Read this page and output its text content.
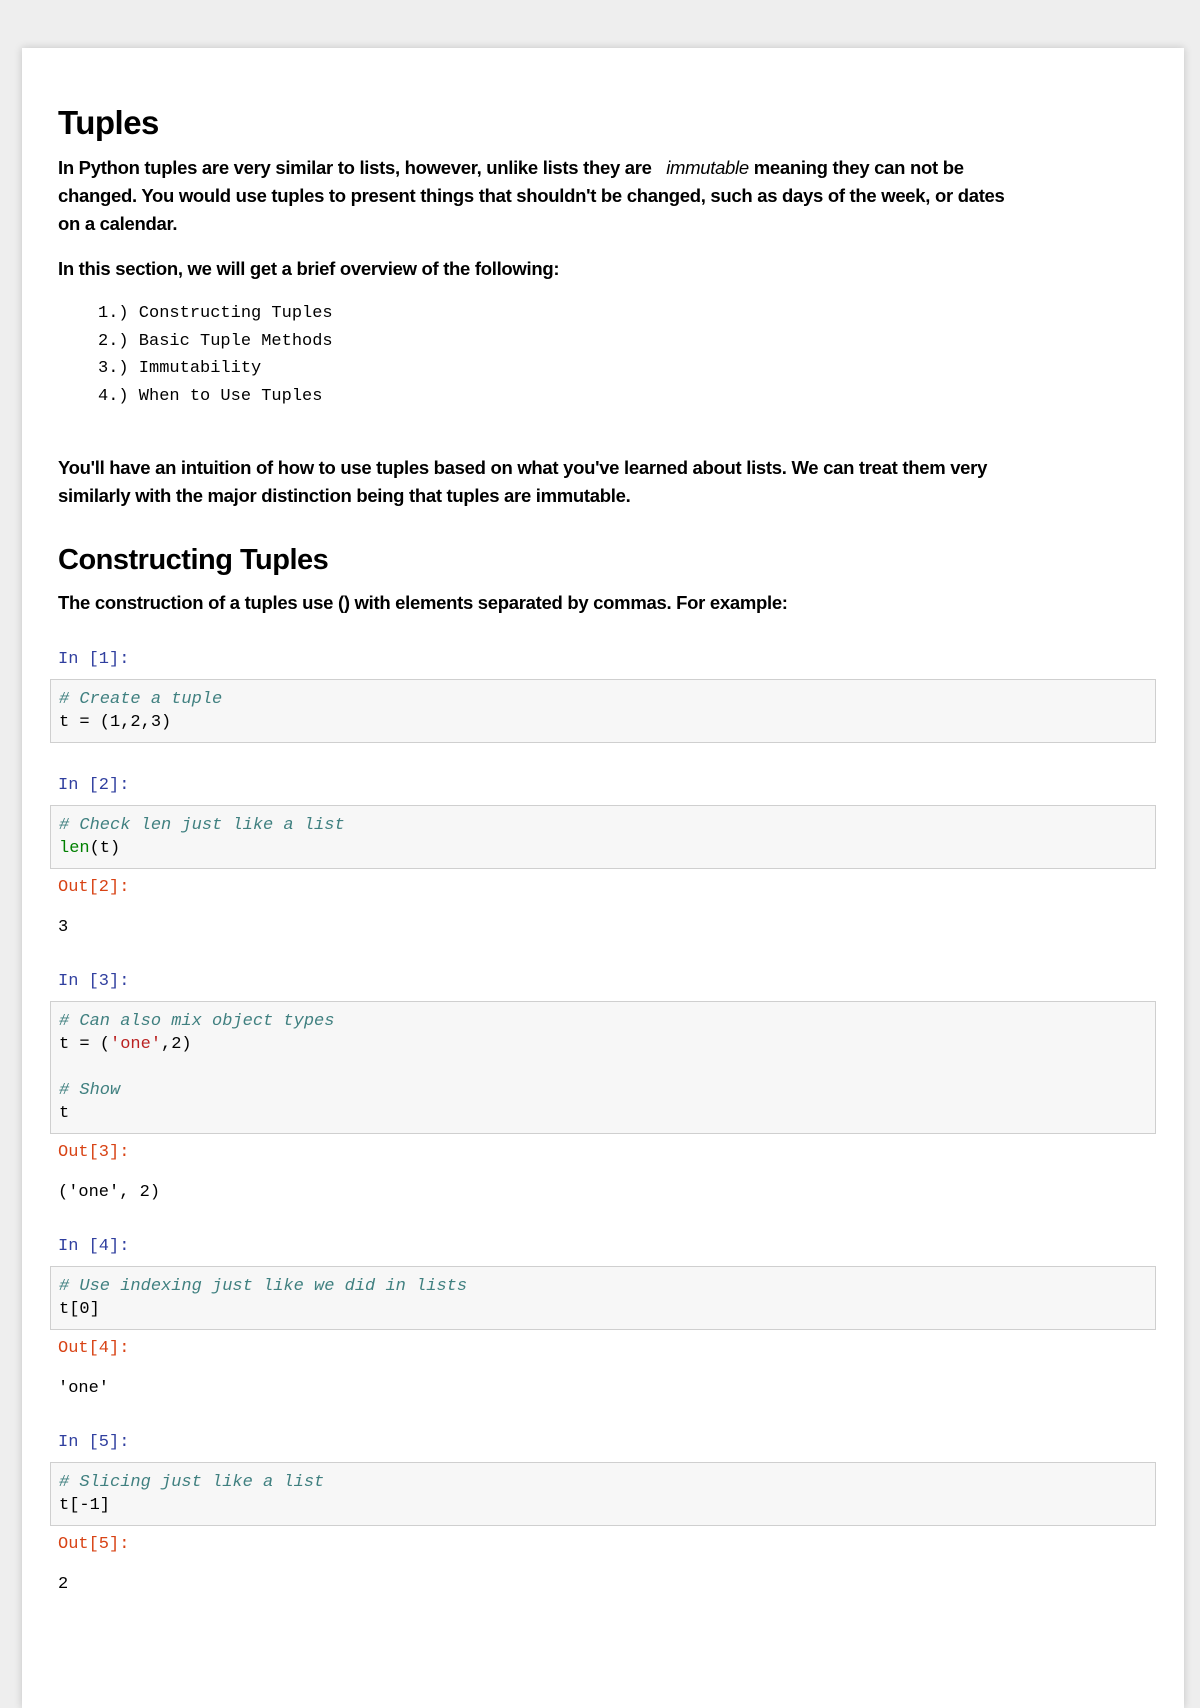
Tuples

In Python tuples are very similar to lists, however, unlike lists they are immutable meaning they can not be
changed. You would use tuples to present things that shouldn't be changed, such as days of the week, or dates
on a calendar.

In this section, we will get a brief overview of the following:

1.) Constructing Tuples
2.) Basic Tuple Methods
3.) Immutability
4.) When to Use Tuples

You'll have an intuition of how to use tuples based on what you've learned about lists. We can treat them very
similarly with the major distinction being that tuples are immutable.

Constructing Tuples

The construction of a tuples use () with elements separated by commas. For example:

In [1]:
# Create a tuple
t = (1,2,3)
In [2]:
# Check len just like a list
len(t)
Out[2]:
3
In [3]:
# Can also mix object types
t = ('one',2)

# Show
t
Out[3]:
('one', 2)
In [4]:
# Use indexing just like we did in lists
t[0]
Out[4]:
'one'
In [5]:
# Slicing just like a list
t[-1]
Out[5]:
2
